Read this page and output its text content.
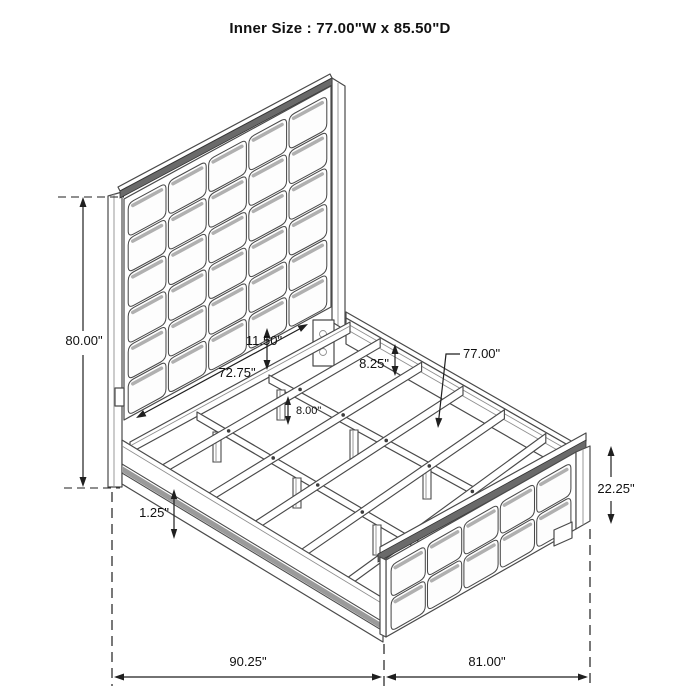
Inner Size : 77.00"W x 85.50"D
80.00"
72.75"
11.50"
8.25"
8.00"
77.00"
22.25"
1.25"
90.25"	81.00"
